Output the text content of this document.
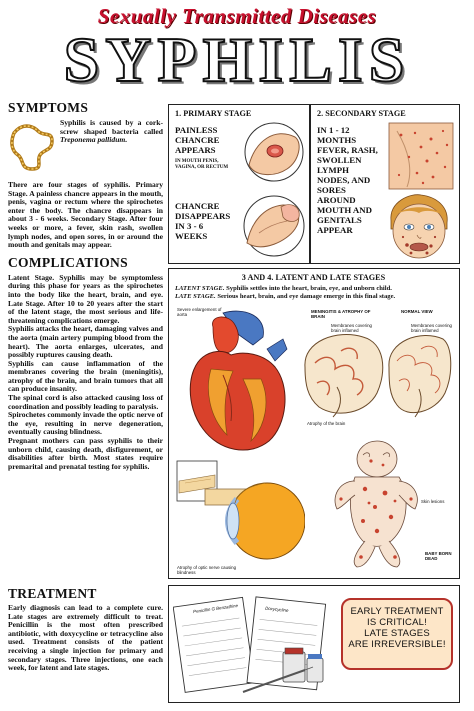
Sexually Transmitted Diseases
SYPHILIS
SYMPTOMS
Syphilis is caused by a cork-screw shaped bacteria called Treponema pallidum.
There are four stages of syphilis. Primary Stage. A painless chancre appears in the mouth, penis, vagina or rectum where the spirochetes enter the body. The chancre disappears in about 3 - 6 weeks. Secondary Stage. After four weeks or more, a fever, skin rash, swollen lymph nodes, and open sores, in or around the mouth and genitals may appear.
COMPLICATIONS
Latent Stage. Syphilis may be symptomless during this phase for years as the spirochetes into the body like the heart, brain, and eye. Late Stage. After 10 to 20 years after the start of the latent stage, the most serious and life-threatening complications emerge.
Syphilis attacks the heart, damaging valves and the aorta (main artery pumping blood from the heart). The aorta enlarges, ulcerates, and possibly ruptures causing death.
Syphilis can cause inflammation of the membranes covering the brain (meningitis), atrophy of the brain, and brain tumors that all can produce insanity.
The spinal cord is also attacked causing loss of coordination and possibly leading to paralysis.
Spirochetes commonly invade the optic nerve of the eye, resulting in nerve degeneration, eventually causing blindness.
Pregnant mothers can pass syphilis to their unborn child, causing death, disfigurement, or disabilities after birth. Most states require premarital and prenatal testing for syphilis.
TREATMENT
Early diagnosis can lead to a complete cure. Late stages are extremely difficult to treat. Penicillin is the most often prescribed antibiotic, with doxycycline or tetracycline also used. Treatment consists of the patient receiving a single injection for primary and secondary stages. Three injections, one each week, for latent and late stages.
1. PRIMARY STAGE
PAINLESS CHANCRE APPEARS
IN MOUTH PENIS, VAGINA, OR RECTUM
CHANCRE DISAPPEARS IN 3 - 6 WEEKS
2. SECONDARY STAGE
IN 1 - 12 MONTHS FEVER, RASH, SWOLLEN LYMPH NODES, AND SORES AROUND MOUTH AND GENITALS APPEAR
3 AND 4. LATENT AND LATE STAGES
LATENT STAGE. Syphilis settles into the heart, brain, eye, and unborn child.
LATE STAGE. Serious heart, brain, and eye damage emerge in this final stage.
Severe enlargement of aorta
MENINGITIS & ATROPHY OF BRAIN
NORMAL VIEW
Membranes covering brain inflamed
Membranes covering brain inflamed
Atrophy of the brain
Atrophy of optic nerve causing blindness
Skin lesions
BABY BORN DEAD
Penicillin G Benzathine	Doxycycline	EARLY TREATMENT
IS CRITICAL!
LATE STAGES
ARE IRREVERSIBLE!
